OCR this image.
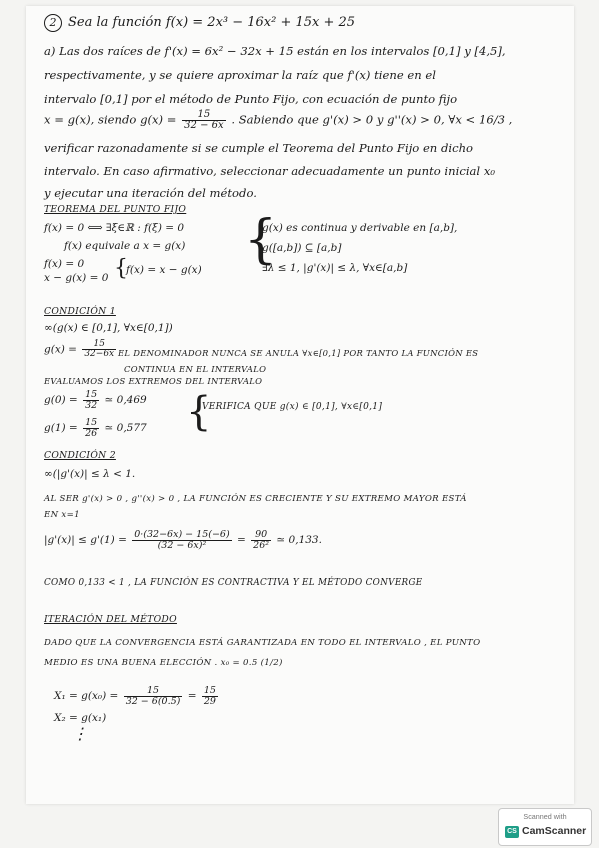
2 Sea la función f(x) = 2x³ − 16x² + 15x + 25
a) Las dos raíces de f'(x) = 6x² − 32x + 15 están en los intervalos [0,1] y [4,5],
respectivamente, y se quiere aproximar la raíz que f'(x) tiene en el
intervalo [0,1] por el método de Punto Fijo, con ecuación de punto fijo
x = g(x), siendo $g(x) = \frac{15}{32 - 6x}$ . Sabiendo que g'(x) > 0 y g''(x) > 0, ∀x < 16/3 ,
verificar razonadamente si se cumple el Teorema del Punto Fijo en dicho
intervalo. En caso afirmativo, seleccionar adecuadamente un punto inicial x₀
y ejecutar una iteración del método.
TEOREMA DEL PUNTO FIJO
f(x) = 0 ⟺ ∃ξ∈ℝ : f(ξ) = 0
f(x) equivale a x = g(x)
f(x) = 0
x − g(x) = 0 {
f(x) = x − g(x) {
g(x) es continua y derivable en [a,b],
g([a,b]) ⊆ [a,b]
∃λ ≤ 1, |g'(x)| ≤ λ, ∀x∈[a,b]
CONDICIÓN 1
∞(g(x) ∈ [0,1], ∀x∈[0,1])
$g(x) = \frac{15}{32-6x}$ EL DENOMINADOR NUNCA SE ANULA ∀x∈[0,1] POR TANTO LA FUNCIÓN ES
CONTINUA EN EL INTERVALO
EVALUAMOS LOS EXTREMOS DEL INTERVALO
$g(0) = \frac{15}{32}$ ≃ 0,469
$g(1) = \frac{15}{26}$ ≃ 0,577 {
VERIFICA QUE g(x) ∈ [0,1], ∀x∈[0,1]
CONDICIÓN 2
∞(|g'(x)| ≤ λ < 1.
AL SER g'(x) > 0 , g''(x) > 0 , LA FUNCIÓN ES CRECIENTE Y SU EXTREMO MAYOR ESTÁ
EN x=1
$|g'(x)| \le g'(1) = \frac{0\cdot(32-6x) - 15(-6)}{\text{(32 − 6x)²}} = \frac{90}{\text{26²}}$ ≃ 0,133.
COMO 0,133 < 1 , LA FUNCIÓN ES CONTRACTIVA Y EL MÉTODO CONVERGE
ITERACIÓN DEL MÉTODO
DADO QUE LA CONVERGENCIA ESTÁ GARANTIZADA EN TODO EL INTERVALO , EL PUNTO
MEDIO ES UNA BUENA ELECCIÓN . x₀ = 0.5 (1/2)
$X_1 = g(x_0) = \frac{15}{32 - 6(0.5)} = \frac{15}{29}$
X₂ = g(x₁)
⋮
Scanned with
CS CamScanner
